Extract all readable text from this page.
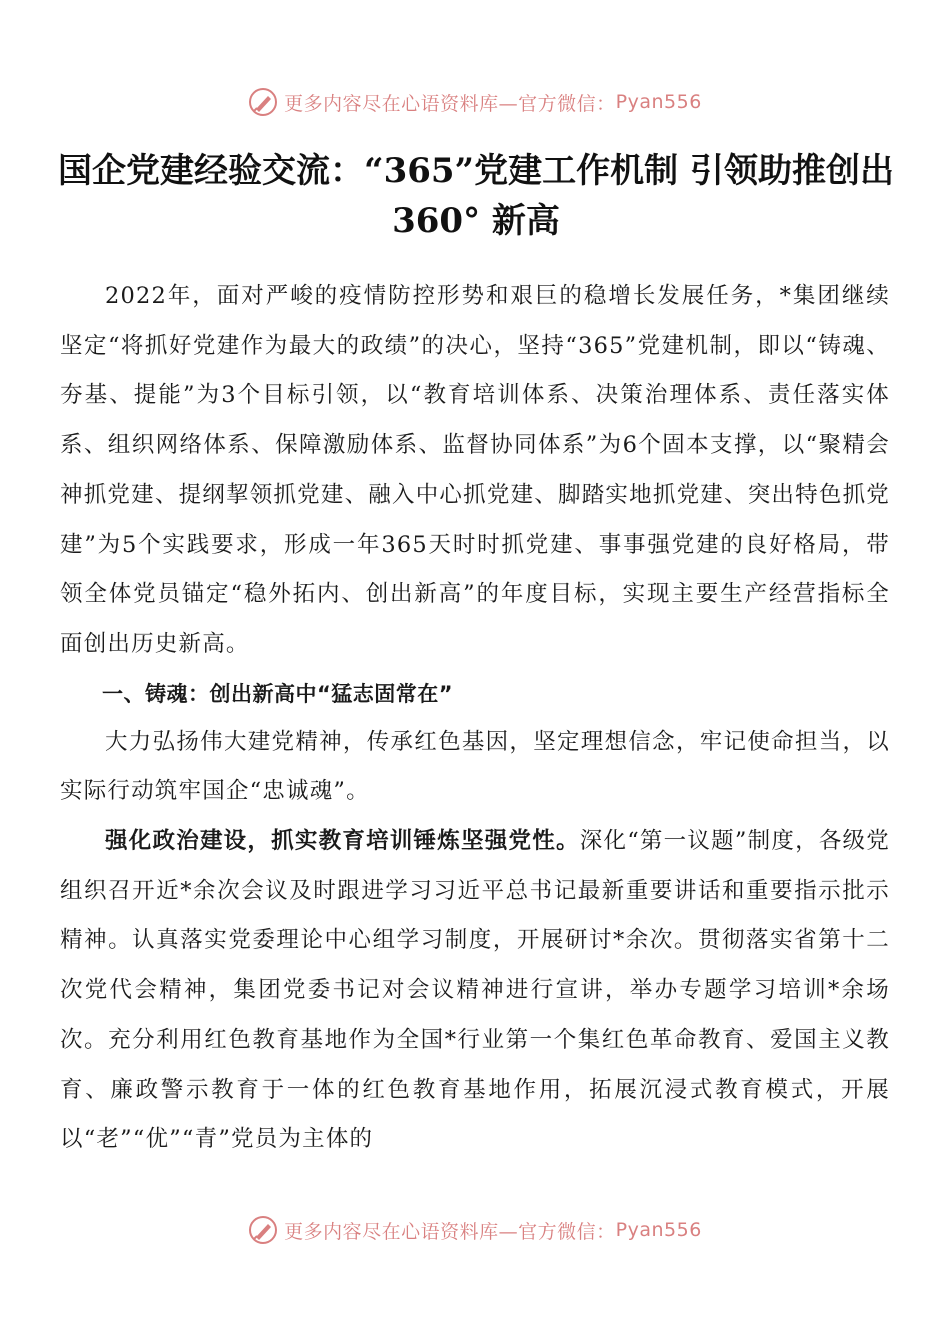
更多内容尽在心语资料库—官方微信： Pyan556
国企党建经验交流：“365”党建工作机制 引领助推创出360° 新高

2022年，面对严峻的疫情防控形势和艰巨的稳增长发展任务，*集团继续坚定“将抓好党建作为最大的政绩”的决心，坚持“365”党建机制，即以“铸魂、夯基、提能”为3个目标引领，以“教育培训体系、决策治理体系、责任落实体系、组织网络体系、保障激励体系、监督协同体系”为6个固本支撑，以“聚精会神抓党建、提纲挈领抓党建、融入中心抓党建、脚踏实地抓党建、突出特色抓党建”为5个实践要求，形成一年365天时时抓党建、事事强党建的良好格局，带领全体党员锚定“稳外拓内、创出新高”的年度目标，实现主要生产经营指标全面创出历史新高。

一、铸魂：创出新高中“猛志固常在”

大力弘扬伟大建党精神，传承红色基因，坚定理想信念，牢记使命担当，以实际行动筑牢国企“忠诚魂”。

强化政治建设，抓实教育培训锤炼坚强党性。深化“第一议题”制度，各级党组织召开近*余次会议及时跟进学习习近平总书记最新重要讲话和重要指示批示精神。认真落实党委理论中心组学习制度，开展研讨*余次。贯彻落实省第十二次党代会精神，集团党委书记对会议精神进行宣讲，举办专题学习培训*余场次。充分利用红色教育基地作为全国*行业第一个集红色革命教育、爱国主义教育、廉政警示教育于一体的红色教育基地作用，拓展沉浸式教育模式，开展以“老”“优”“青”党员为主体的

更多内容尽在心语资料库—官方微信： Pyan556
